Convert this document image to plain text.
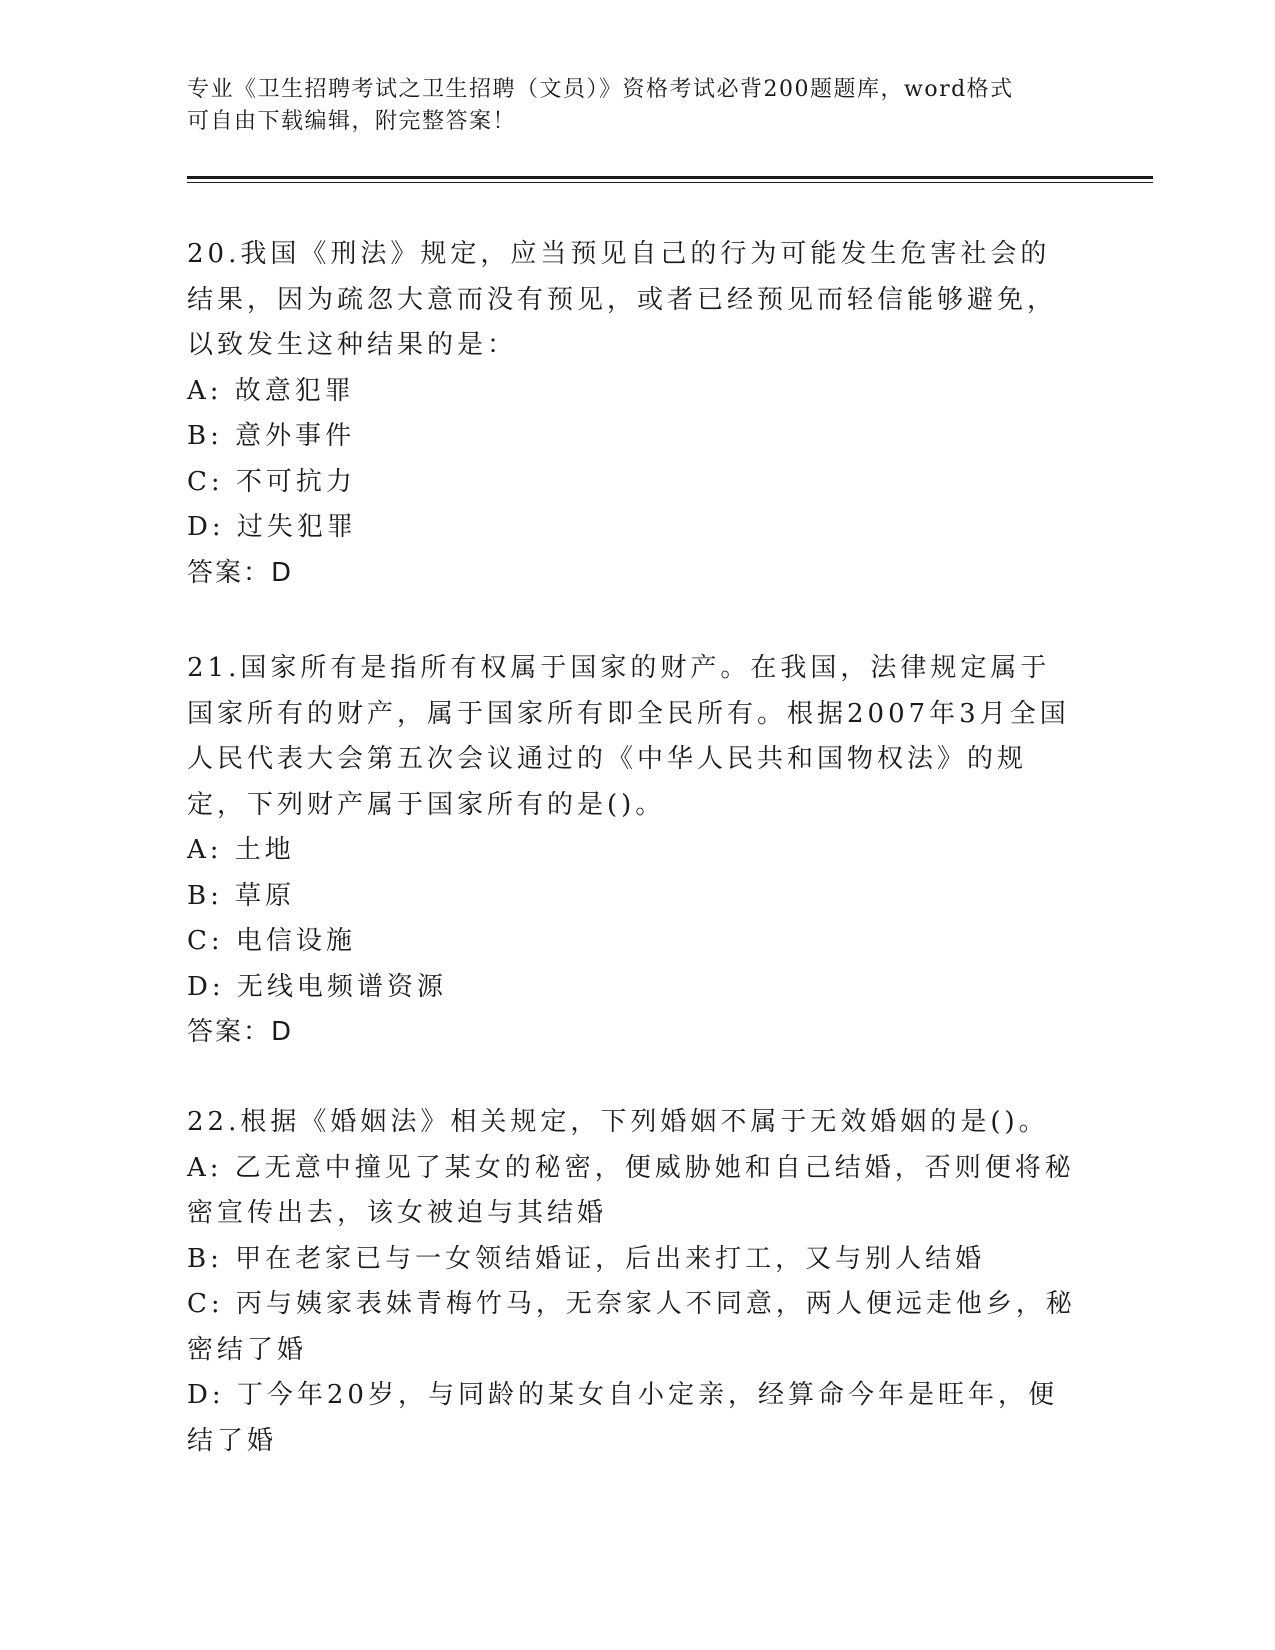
专业《卫生招聘考试之卫生招聘（文员）》资格考试必背200题题库，word格式
可自由下载编辑，附完整答案！

20.我国《刑法》规定，应当预见自己的行为可能发生危害社会的结果，因为疏忽大意而没有预见，或者已经预见而轻信能够避免，以致发生这种结果的是：

A: 故意犯罪

B: 意外事件

C: 不可抗力

D: 过失犯罪

答案：D

21.国家所有是指所有权属于国家的财产。在我国，法律规定属于国家所有的财产，属于国家所有即全民所有。根据2007年3月全国人民代表大会第五次会议通过的《中华人民共和国物权法》的规定，下列财产属于国家所有的是()。

A: 土地

B: 草原

C: 电信设施

D: 无线电频谱资源

答案：D

22.根据《婚姻法》相关规定，下列婚姻不属于无效婚姻的是()。

A: 乙无意中撞见了某女的秘密，便威胁她和自己结婚，否则便将秘密宣传出去，该女被迫与其结婚

B: 甲在老家已与一女领结婚证，后出来打工，又与别人结婚

C: 丙与姨家表妹青梅竹马，无奈家人不同意，两人便远走他乡，秘密结了婚

D: 丁今年20岁，与同龄的某女自小定亲，经算命今年是旺年，便结了婚
